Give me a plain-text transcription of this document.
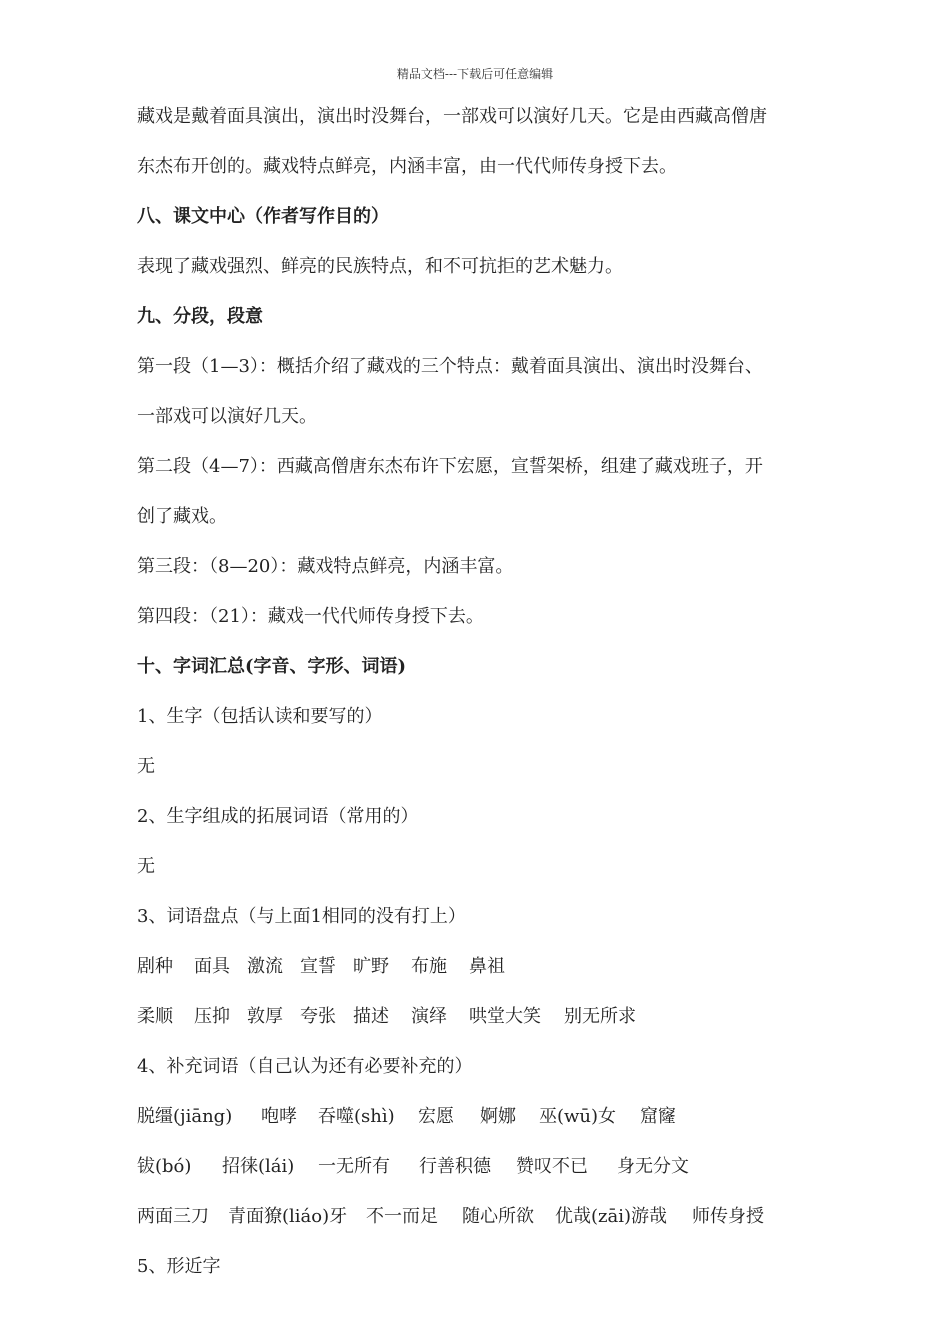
精品文档---下载后可任意编辑
藏戏是戴着面具演出，演出时没舞台，一部戏可以演好几天。它是由西藏高僧唐
东杰布开创的。藏戏特点鲜亮，内涵丰富，由一代代师传身授下去。
八、课文中心（作者写作目的）
表现了藏戏强烈、鲜亮的民族特点，和不可抗拒的艺术魅力。
九、分段，段意
第一段（1—3）：概括介绍了藏戏的三个特点：戴着面具演出、演出时没舞台、
一部戏可以演好几天。
第二段（4—7）：西藏高僧唐东杰布许下宏愿，宣誓架桥，组建了藏戏班子，开
创了藏戏。
第三段：（8—20）：藏戏特点鲜亮，内涵丰富。
第四段：（21）：藏戏一代代师传身授下去。
十、字词汇总(字音、字形、词语)
1、生字（包括认读和要写的）
无
2、生字组成的拓展词语（常用的）
无
3、词语盘点（与上面1相同的没有打上）
剧种	面具 激流 宣誓 旷野	布施	鼻祖
柔顺	压抑 敦厚 夸张 描述	演绎	哄堂大笑	别无所求
4、补充词语（自己认为还有必要补充的）
脱缰(jiāng)	咆哮	吞噬(shì)	宏愿	婀娜	巫(wū)女	窟窿
钹(bó)	招徕(lái)	一无所有	行善积德	赞叹不已	身无分文
两面三刀	青面獠(liáo)牙	不一而足	随心所欲	优哉(zāi)游哉	师传身授
5、形近字
